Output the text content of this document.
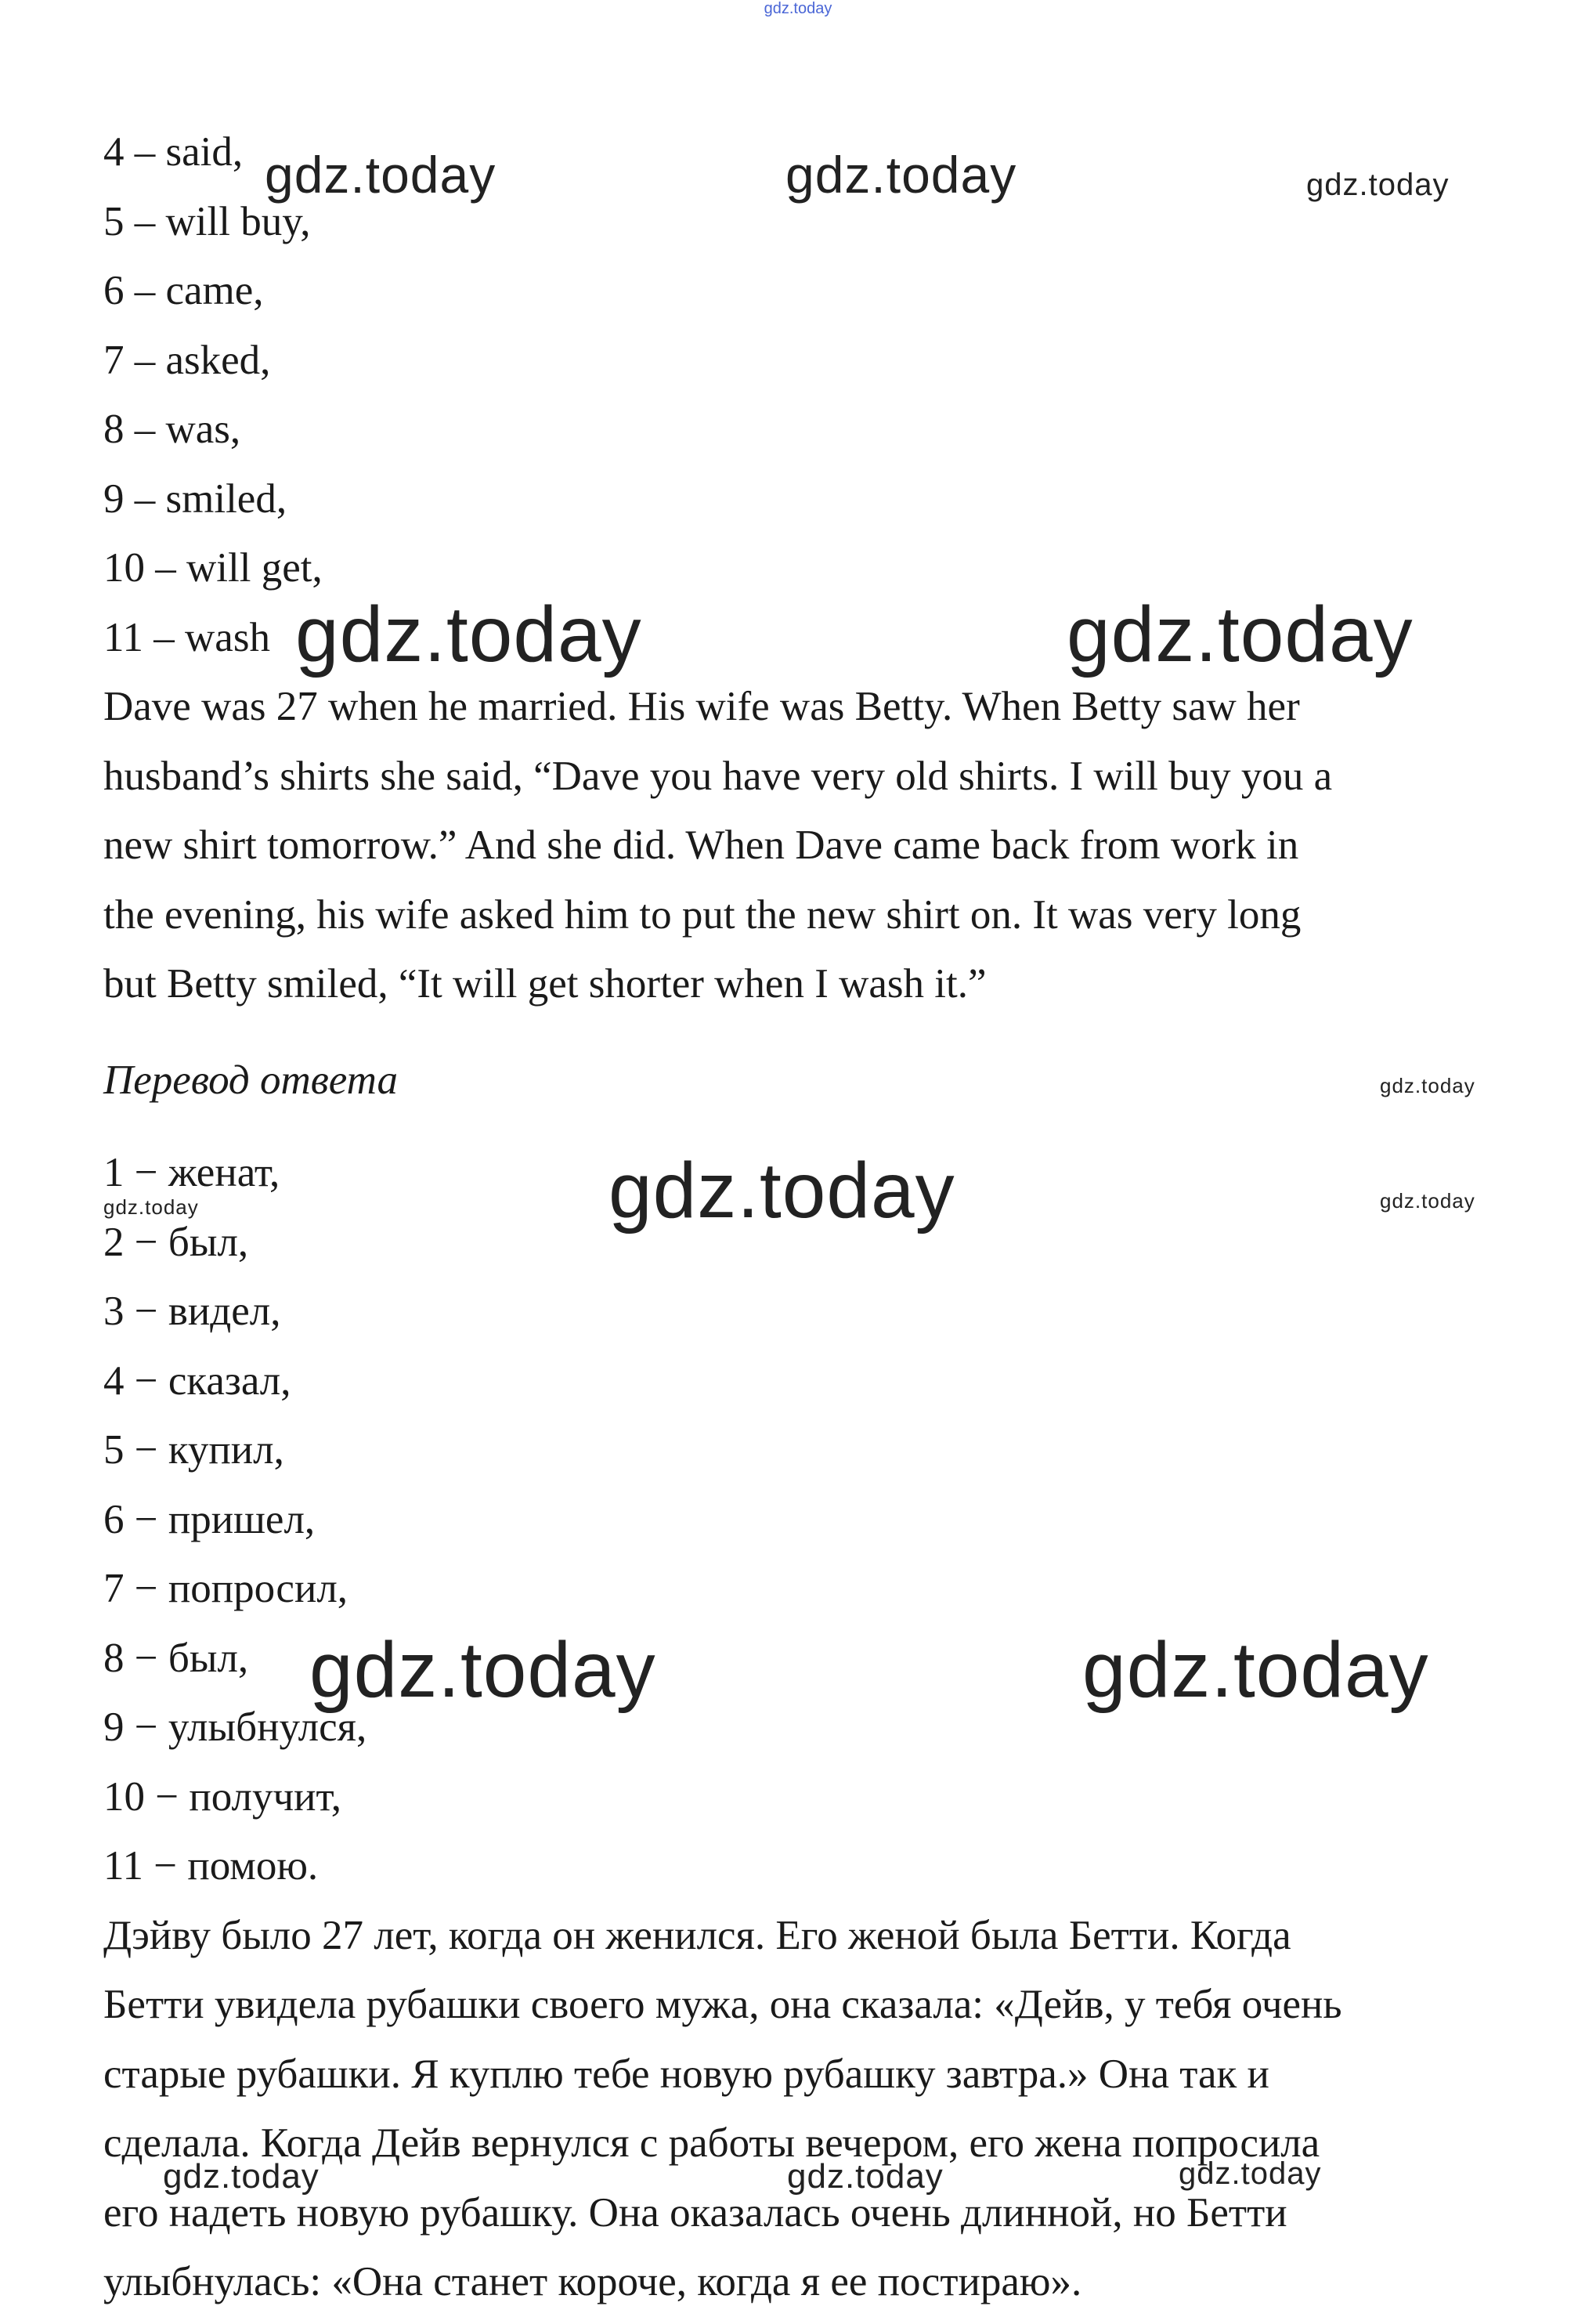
gdz.today
4 – said,
5 – will buy,
6 – came,
7 – asked,
8 – was,
9 – smiled,
10 – will get,
11 – wash
Dave was 27 when he married. His wife was Betty. When Betty saw her
husband’s shirts she said, “Dave you have very old shirts. I will buy you a
new shirt tomorrow.” And she did. When Dave came back from work in
the evening, his wife asked him to put the new shirt on. It was very long
but Betty smiled, “It will get shorter when I wash it.”
Перевод ответа
1 − женат,
2 − был,
3 − видел,
4 − сказал,
5 − купил,
6 − пришел,
7 − попросил,
8 − был,
9 − улыбнулся,
10 − получит,
11 − помою.
Дэйву было 27 лет, когда он женился. Его женой была Бетти. Когда
Бетти увидела рубашки своего мужа, она сказала: «Дейв, у тебя очень
старые рубашки. Я куплю тебе новую рубашку завтра.» Она так и
сделала. Когда Дейв вернулся с работы вечером, его жена попросила
его надеть новую рубашку. Она оказалась очень длинной, но Бетти
улыбнулась: «Она станет короче, когда я ее постираю».
gdz.today	gdz.today	gdz.today
gdz.today	gdz.today
gdz.today
gdz.today
gdz.today	gdz.today
gdz.today	gdz.today
gdz.today	gdz.today	gdz.today
